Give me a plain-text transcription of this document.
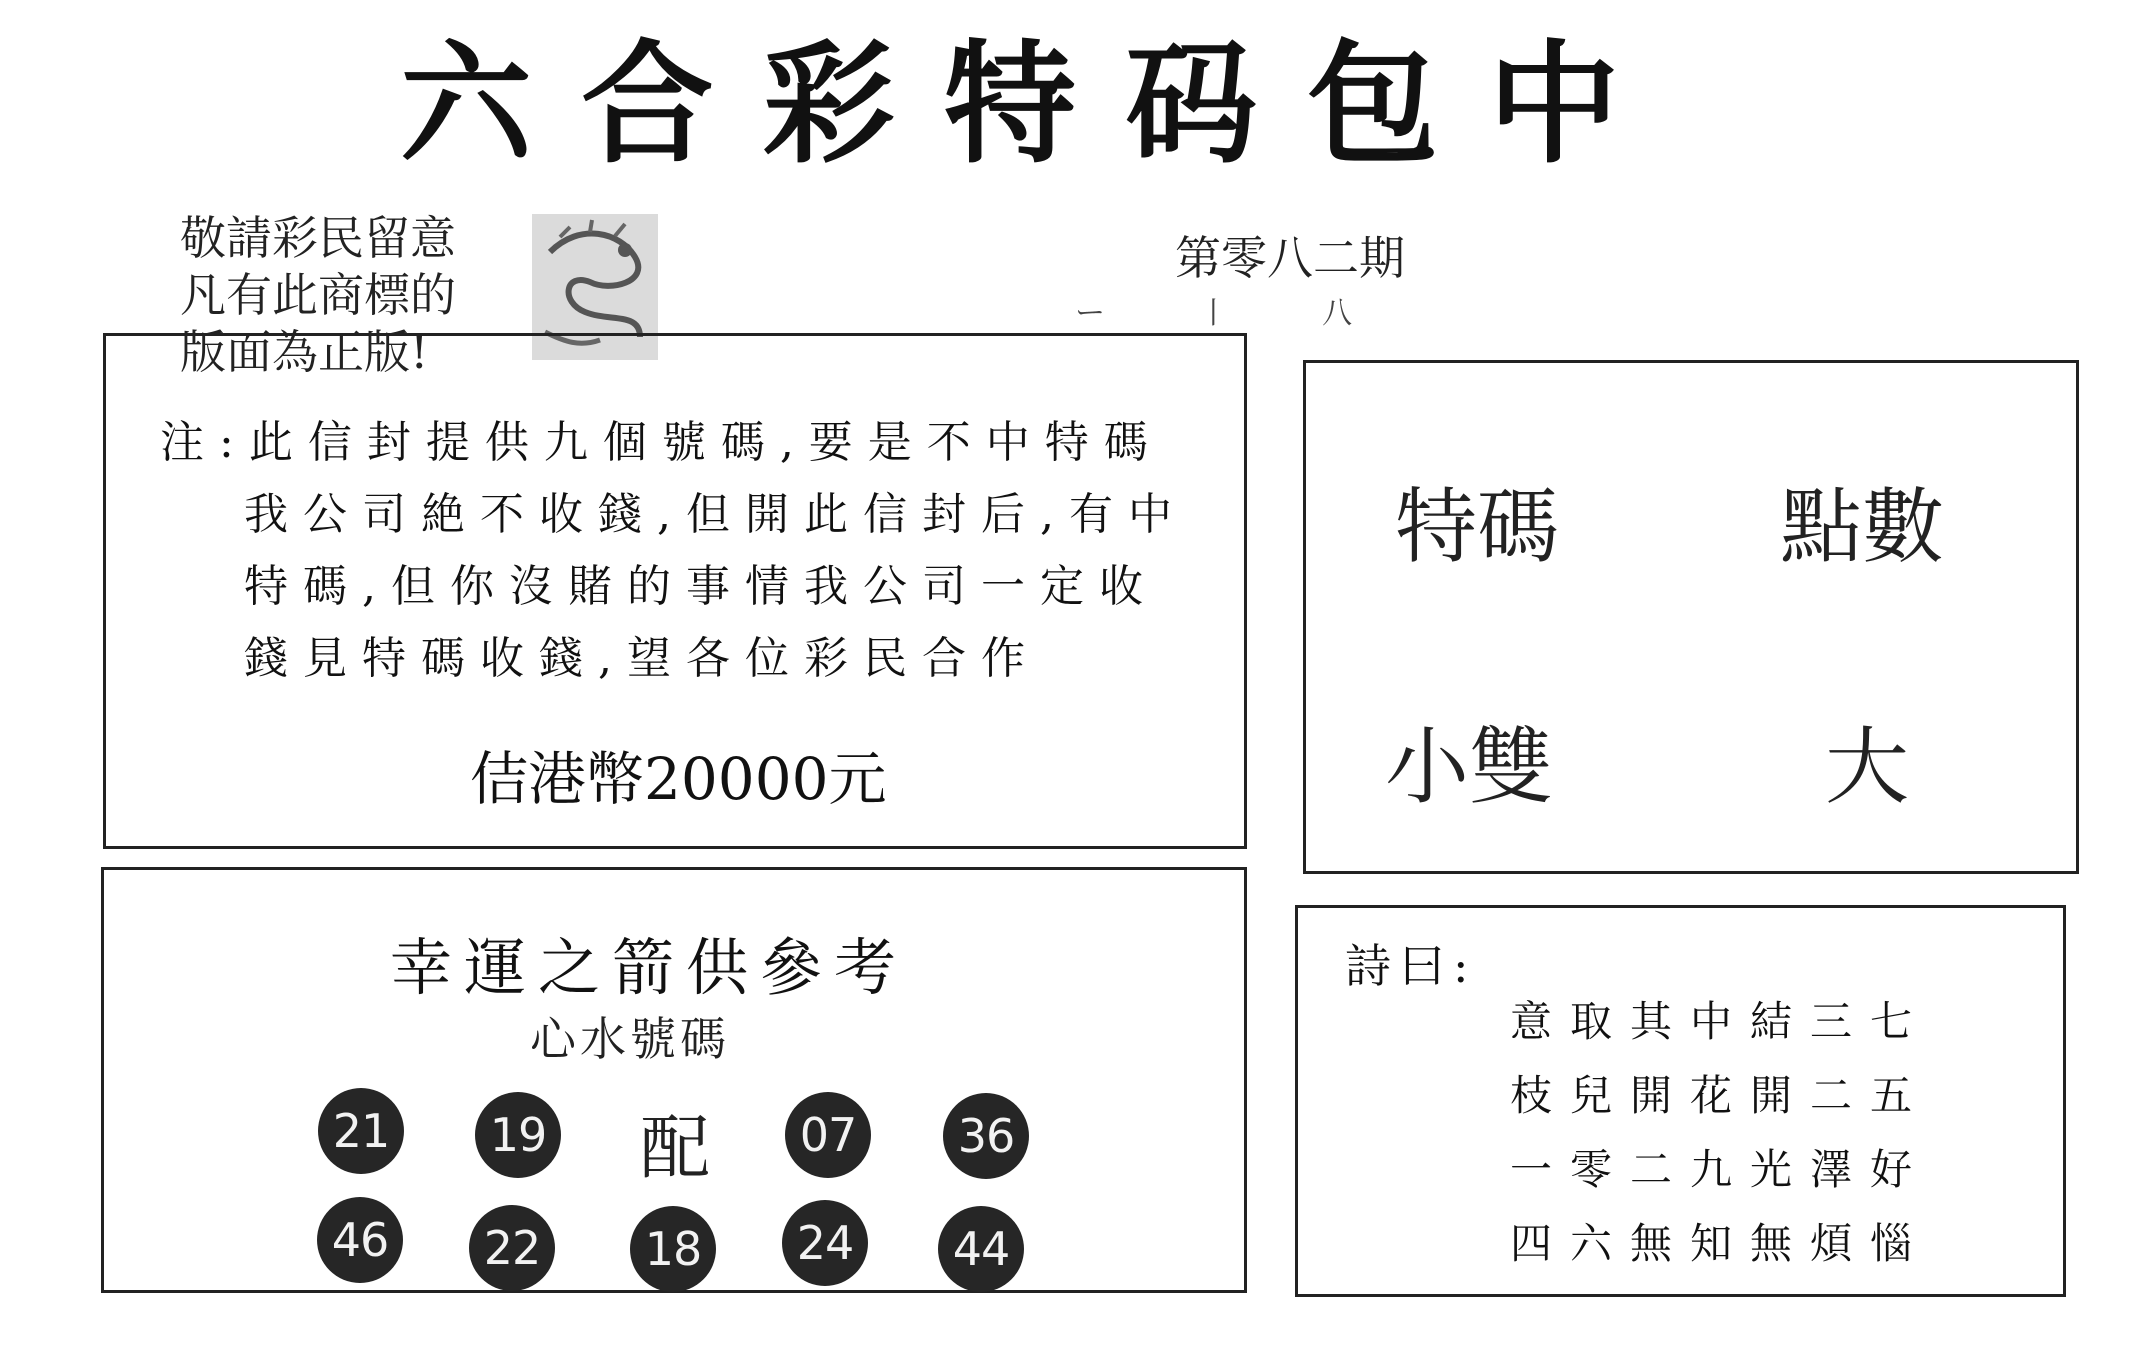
六 合 彩 特 码 包 中
敬請彩民留意
凡有此商標的
版面為正版!
第零八二期
ー 丨 八
注:此信封提供九個號碼,要是不中特碼
我公司絶不收錢,但開此信封后,有中
特碼,但你沒賭的事情我公司一定收
錢見特碼收錢,望各位彩民合作
佶港幣20000元
特碼	點數
小雙	大
幸運之箭供參考
心水號碼
21	19 配	07	36
46	22	18	24	44
詩曰:
意取其中結三七
枝兒開花開二五
一零二九光澤好
四六無知無煩惱
